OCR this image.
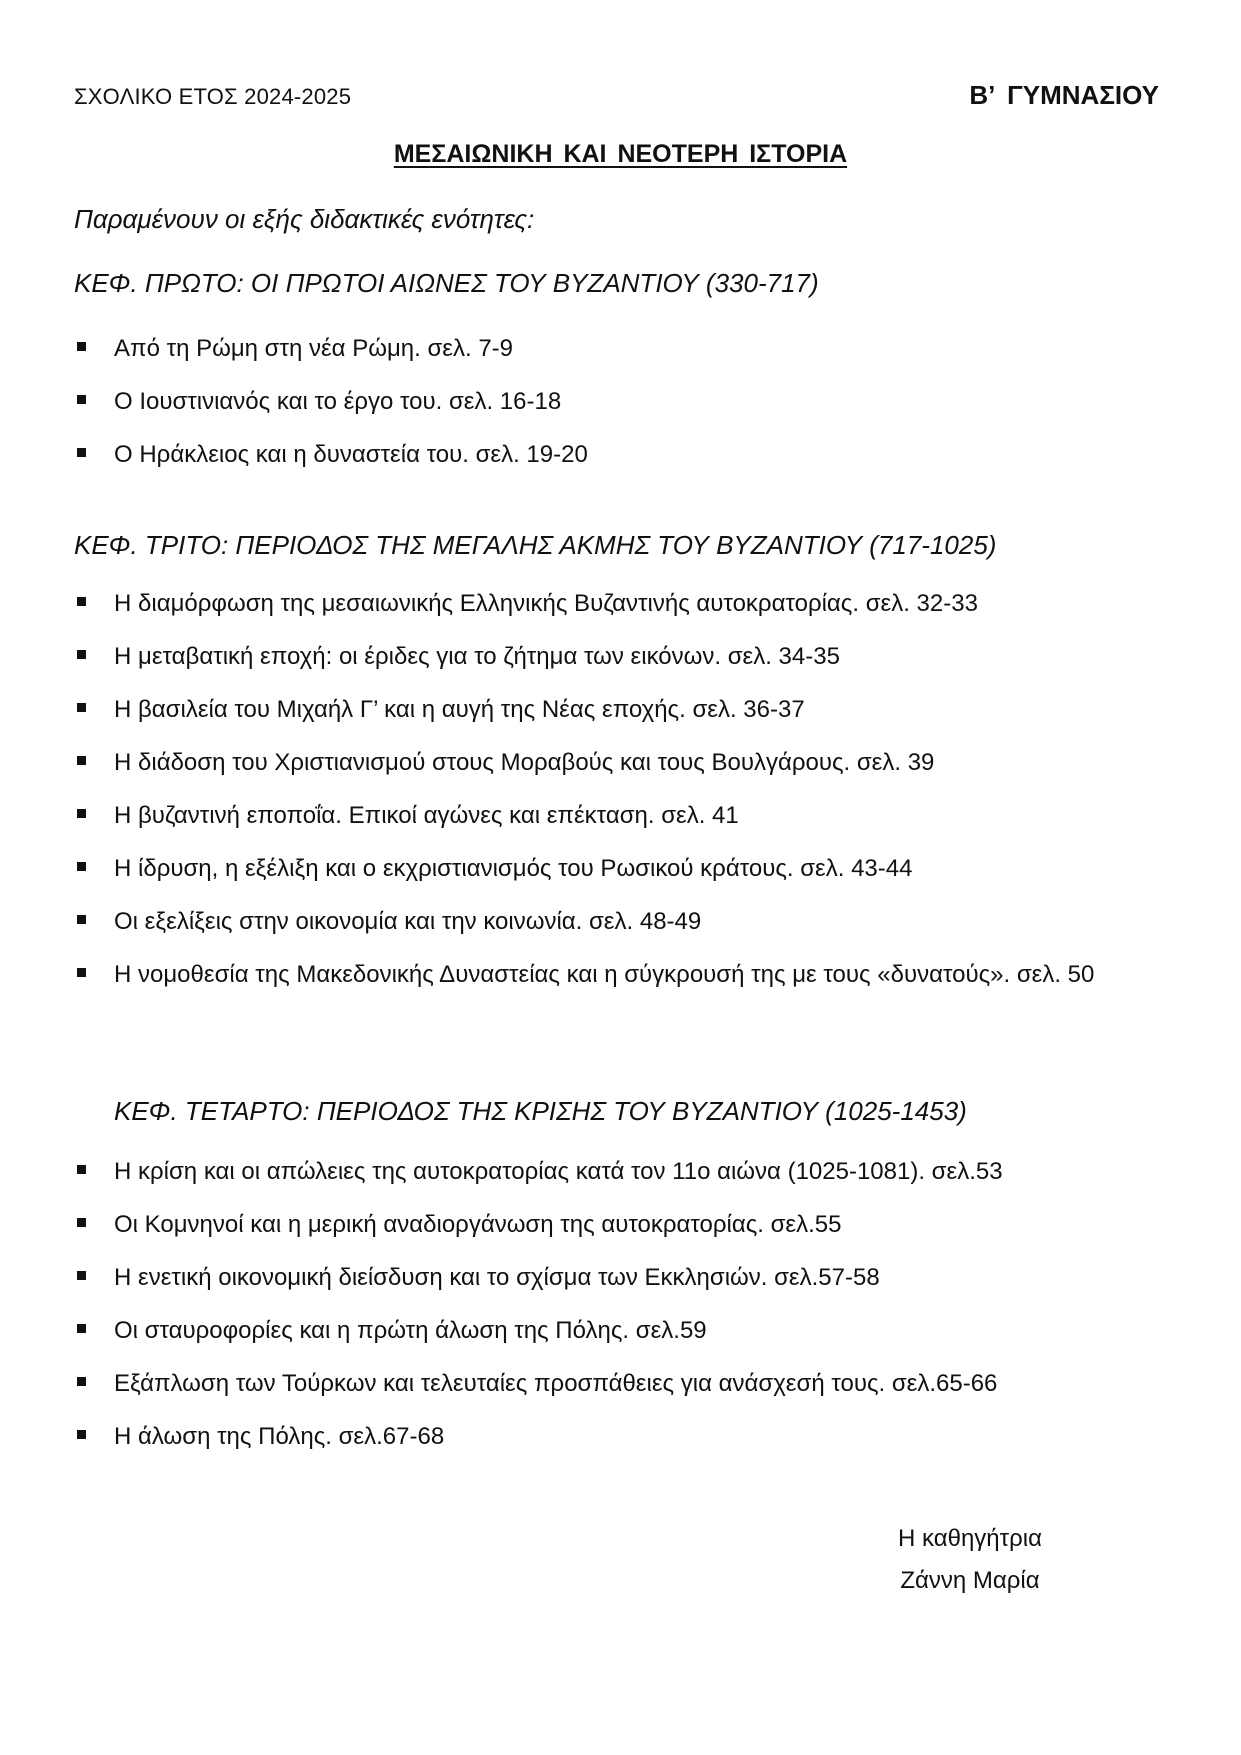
ΣΧΟΛΙΚΟ ΕΤΟΣ 2024-2025	Β’ ΓΥΜΝΑΣΙΟΥ
ΜΕΣΑΙΩΝΙΚΗ ΚΑΙ ΝΕΟΤΕΡΗ ΙΣΤΟΡΙΑ
Παραμένουν οι εξής διδακτικές ενότητες:
ΚΕΦ. ΠΡΩΤΟ: ΟΙ ΠΡΩΤΟΙ ΑΙΩΝΕΣ ΤΟΥ ΒΥΖΑΝΤΙΟΥ (330-717)
Από τη Ρώμη στη νέα Ρώμη. σελ. 7-9
Ο Ιουστινιανός και το έργο του. σελ. 16-18
Ο Ηράκλειος και η δυναστεία του. σελ. 19-20
ΚΕΦ. ΤΡΙΤΟ: ΠΕΡΙΟΔΟΣ ΤΗΣ ΜΕΓΑΛΗΣ ΑΚΜΗΣ ΤΟΥ ΒΥΖΑΝΤΙΟΥ (717-1025)
Η διαμόρφωση της μεσαιωνικής Ελληνικής Βυζαντινής αυτοκρατορίας. σελ. 32-33
Η μεταβατική εποχή: οι έριδες για το ζήτημα των εικόνων. σελ. 34-35
Η βασιλεία του Μιχαήλ Γ’ και η αυγή της Νέας εποχής. σελ. 36-37
Η διάδοση του Χριστιανισμού στους Μοραβούς και τους Βουλγάρους. σελ. 39
Η βυζαντινή εποποΐα. Επικοί αγώνες και επέκταση. σελ. 41
Η ίδρυση, η εξέλιξη και ο εκχριστιανισμός του Ρωσικού κράτους. σελ. 43-44
Οι εξελίξεις στην οικονομία και την κοινωνία. σελ. 48-49
Η νομοθεσία της Μακεδονικής Δυναστείας και η σύγκρουσή της με τους «δυνατούς». σελ. 50
ΚΕΦ. ΤΕΤΑΡΤΟ: ΠΕΡΙΟΔΟΣ ΤΗΣ ΚΡΙΣΗΣ ΤΟΥ ΒΥΖΑΝΤΙΟΥ (1025-1453)
Η κρίση και οι απώλειες της αυτοκρατορίας κατά τον 11ο αιώνα (1025-1081). σελ.53
Οι Κομνηνοί και η μερική αναδιοργάνωση της αυτοκρατορίας. σελ.55
Η ενετική οικονομική διείσδυση και το σχίσμα των Εκκλησιών. σελ.57-58
Οι σταυροφορίες και η πρώτη άλωση της Πόλης. σελ.59
Εξάπλωση των Τούρκων και τελευταίες προσπάθειες για ανάσχεσή τους. σελ.65-66
Η άλωση της Πόλης. σελ.67-68
Η καθηγήτρια
Ζάννη Μαρία
